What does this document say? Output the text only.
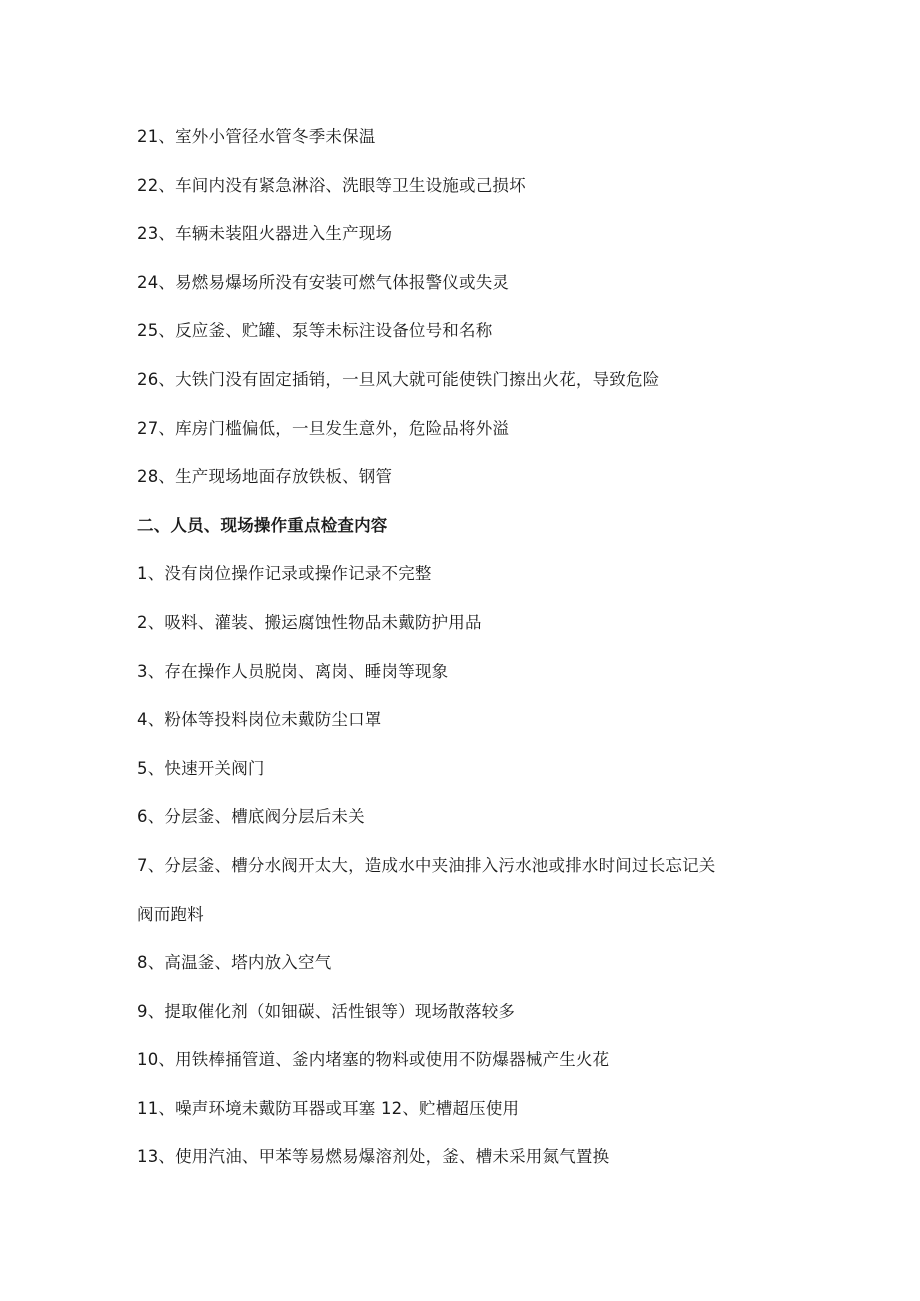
21、室外小管径水管冬季未保温
22、车间内没有紧急淋浴、洗眼等卫生设施或己损坏
23、车辆未装阻火器进入生产现场
24、易燃易爆场所没有安装可燃气体报警仪或失灵
25、反应釜、贮罐、泵等未标注设备位号和名称
26、大铁门没有固定插销，一旦风大就可能使铁门擦出火花，导致危险
27、库房门槛偏低，一旦发生意外，危险品将外溢
28、生产现场地面存放铁板、钢管
二、人员、现场操作重点检查内容
1、没有岗位操作记录或操作记录不完整
2、吸料、灌装、搬运腐蚀性物品未戴防护用品
3、存在操作人员脱岗、离岗、睡岗等现象
4、粉体等投料岗位未戴防尘口罩
5、快速开关阀门
6、分层釜、槽底阀分层后未关
7、分层釜、槽分水阀开太大，造成水中夹油排入污水池或排水时间过长忘记关
阀而跑料
8、高温釜、塔内放入空气
9、提取催化剂（如钿碳、活性银等）现场散落较多
10、用铁棒捅管道、釜内堵塞的物料或使用不防爆器械产生火花
11、噪声环境未戴防耳器或耳塞 12、贮槽超压使用
13、使用汽油、甲苯等易燃易爆溶剂处，釜、槽未采用氮气置换
